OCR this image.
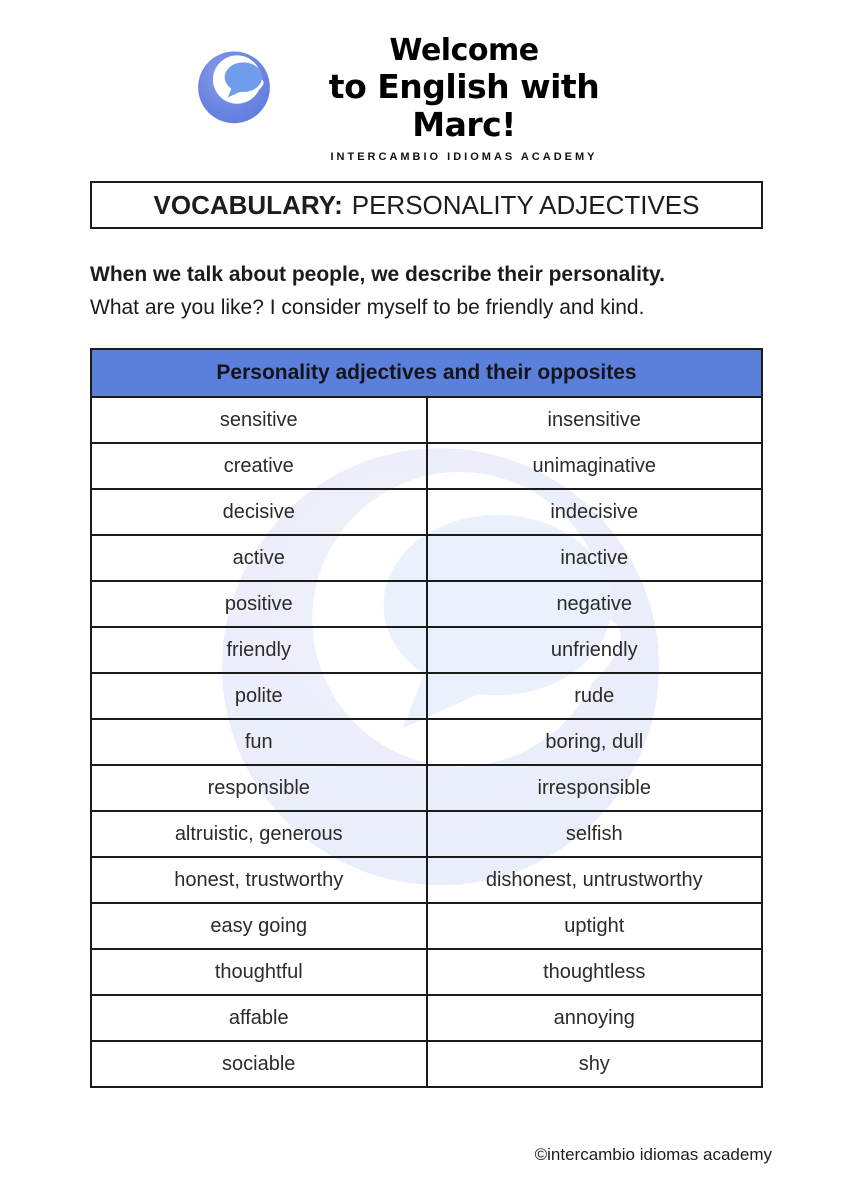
Welcome
to English with Marc!
INTERCAMBIO IDIOMAS ACADEMY
VOCABULARY: PERSONALITY ADJECTIVES
When we talk about people, we describe their personality.
What are you like? I consider myself to be friendly and kind.
Personality adjectives and their opposites	
sensitive	insensitive
creative	unimaginative
decisive	indecisive
active	inactive
positive	negative
friendly	unfriendly
polite	rude
fun	boring, dull
responsible	irresponsible
altruistic, generous	selfish
honest, trustworthy	dishonest, untrustworthy
easy going	uptight
thoughtful	thoughtless
affable	annoying
sociable	shy
©intercambio idiomas academy
